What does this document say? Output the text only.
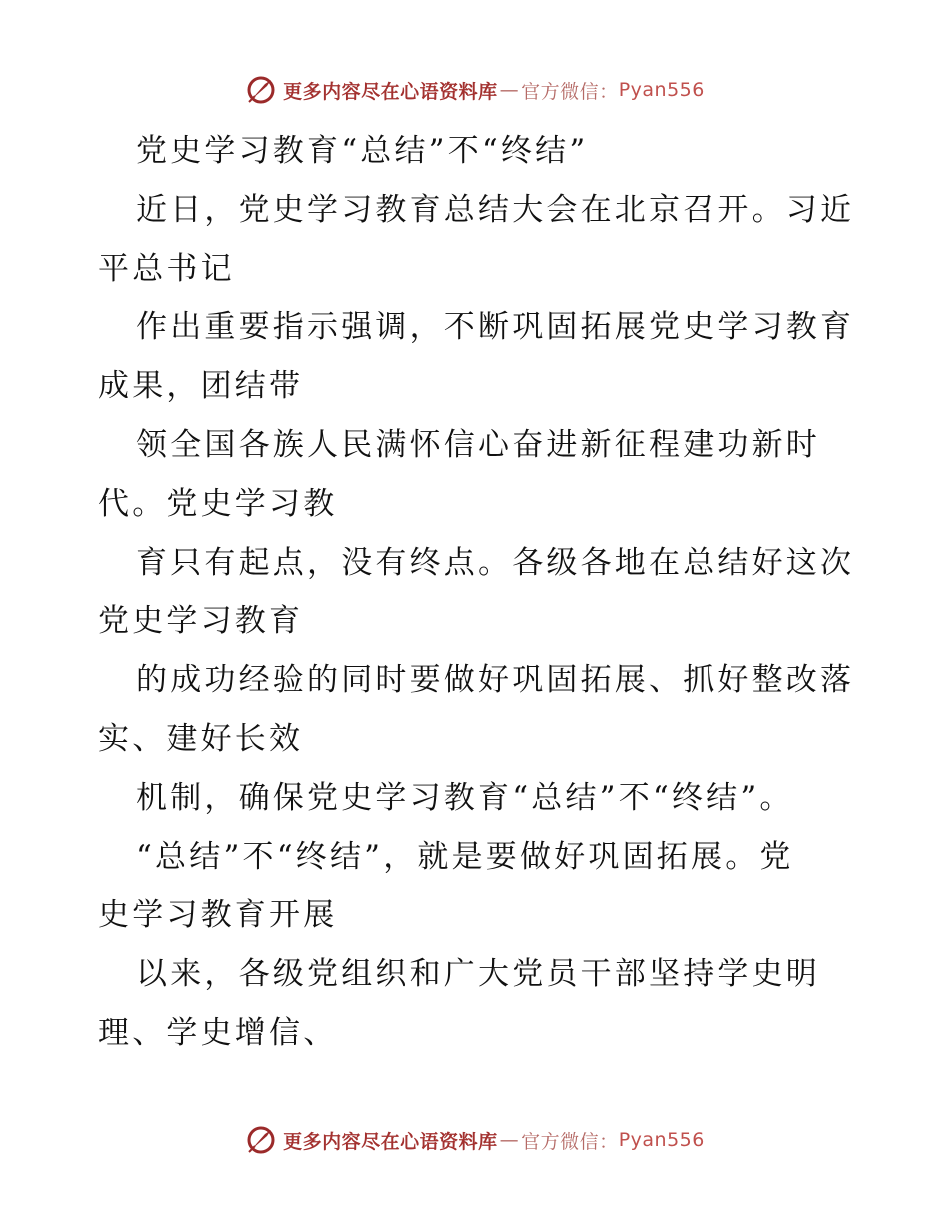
更多内容尽在心语资料库 — 官方微信： Pyan556
党史学习教育“总结”不“终结”
近日，党史学习教育总结大会在北京召开。习近
平总书记
作出重要指示强调，不断巩固拓展党史学习教育
成果，团结带
领全国各族人民满怀信心奋进新征程建功新时
代。党史学习教
育只有起点，没有终点。各级各地在总结好这次
党史学习教育
的成功经验的同时要做好巩固拓展、抓好整改落
实、建好长效
机制，确保党史学习教育“总结”不“终结”。
“总结”不“终结”，就是要做好巩固拓展。党
史学习教育开展
以来，各级党组织和广大党员干部坚持学史明
理、学史增信、
更多内容尽在心语资料库 — 官方微信： Pyan556
